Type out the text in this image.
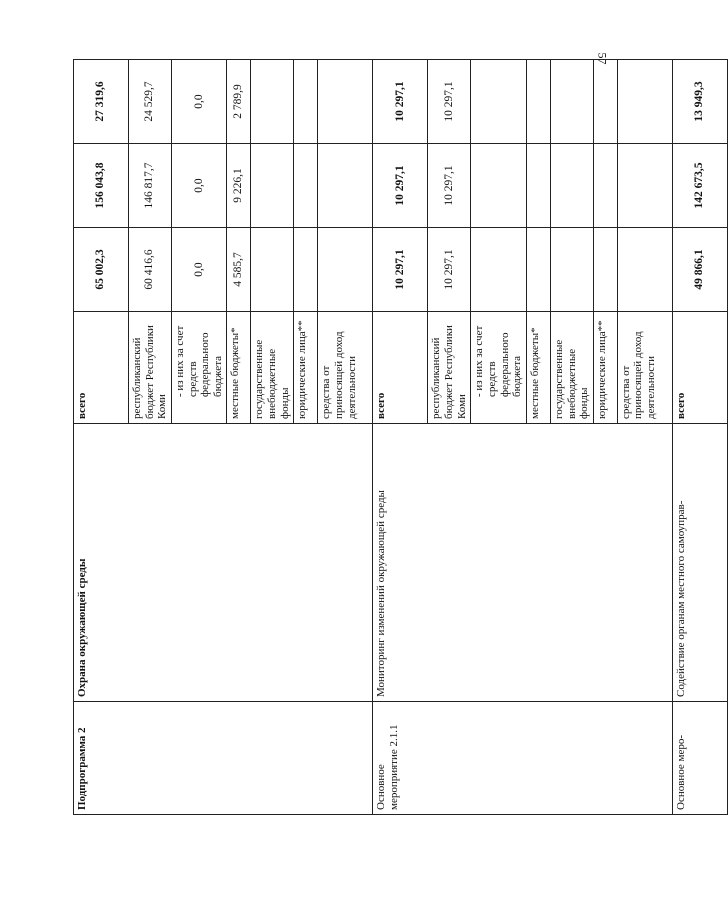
57
Подпрограмма 2	Охрана окружающей среды	всего	65 002,3	156 043,8	27 319,6
		республиканский бюджет Республики Коми	60 416,6	146 817,7	24 529,7
		- из них за счет средств федерального бюджета	0,0	0,0	0,0
		местные бюджеты*	4 585,7	9 226,1	2 789,9
		государственные внебюджетные фонды			
		юридические лица**			
		средства от приносящей доход деятельности			
Основное мероприятие 2.1.1	Мониторинг изменений окружающей среды	всего	10 297,1	10 297,1	10 297,1
		республиканский бюджет Республики Коми	10 297,1	10 297,1	10 297,1
		- из них за счет средств федерального бюджета			
		местные бюджеты*			
		государственные внебюджетные фонды			
		юридические лица**			
		средства от приносящей доход деятельности			
Основное меро-	Содействие органам местного самоуправ-	всего	49 866,1	142 673,5	13 949,3
